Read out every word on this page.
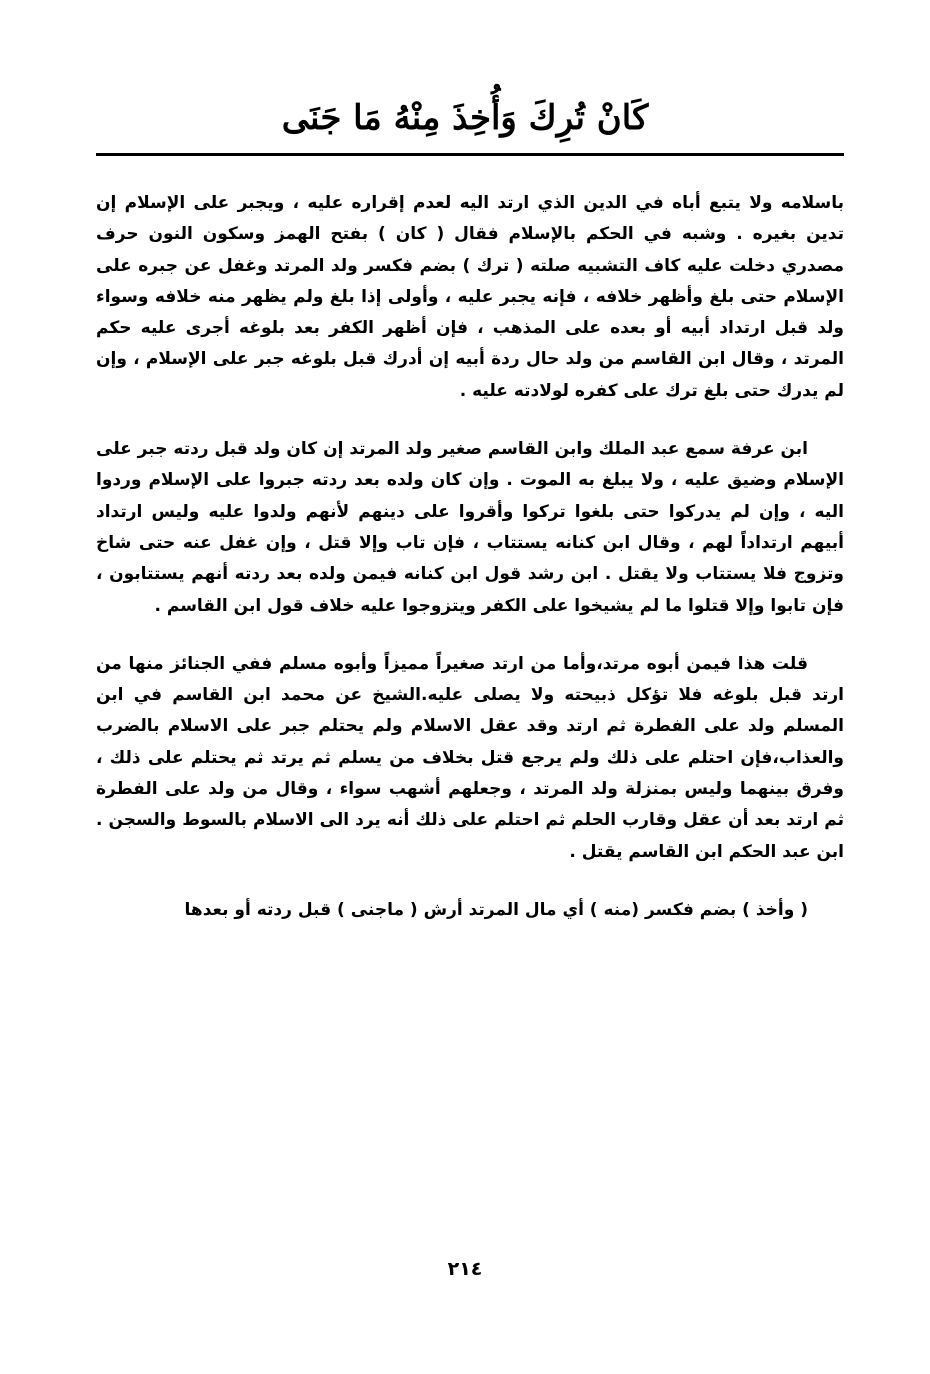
كَانْ تُرِكَ وَأُخِذَ مِنْهُ مَا جَنَى

باسلامه ولا يتبع أباه في الدين الذي ارتد اليه لعدم إقراره عليه ، ويجبر على الإسلام إن تدين بغيره . وشبه في الحكم بالإسلام فقال ( كان ) بفتح الهمز وسكون النون حرف مصدري دخلت عليه كاف التشبيه صلته ( ترك ) بضم فكسر ولد المرتد وغفل عن جبره على الإسلام حتى بلغ وأظهر خلافه ، فإنه يجبر عليه ، وأولى إذا بلغ ولم يظهر منه خلافه وسواء ولد قبل ارتداد أبيه أو بعده على المذهب ، فإن أظهر الكفر بعد بلوغه أجرى عليه حكم المرتد ، وقال ابن القاسم من ولد حال ردة أبيه إن أدرك قبل بلوغه جبر على الإسلام ، وإن لم يدرك حتى بلغ ترك على كفره لولادته عليه .

ابن عرفة سمع عبد الملك وابن القاسم صغير ولد المرتد إن كان ولد قبل ردته جبر على الإسلام وضيق عليه ، ولا يبلغ به الموت . وإن كان ولده بعد ردته جبروا على الإسلام وردوا اليه ، وإن لم يدركوا حتى بلغوا تركوا وأقروا على دينهم لأنهم ولدوا عليه وليس ارتداد أبيهم ارتداداً لهم ، وقال ابن كنانه يستتاب ، فإن تاب وإلا قتل ، وإن غفل عنه حتى شاخ وتزوج فلا يستتاب ولا يقتل . ابن رشد قول ابن كنانه فيمن ولده بعد ردته أنهم يستتابون ، فإن تابوا وإلا قتلوا ما لم يشيخوا على الكفر ويتزوجوا عليه خلاف قول ابن القاسم .

قلت هذا فيمن أبوه مرتد،وأما من ارتد صغيراً مميزاً وأبوه مسلم ففي الجنائز منها من ارتد قبل بلوغه فلا تؤكل ذبيحته ولا يصلى عليه.الشيخ عن محمد ابن القاسم في ابن المسلم ولد على الفطرة ثم ارتد وقد عقل الاسلام ولم يحتلم جبر على الاسلام بالضرب والعذاب،فإن احتلم على ذلك ولم يرجع قتل بخلاف من يسلم ثم يرتد ثم يحتلم على ذلك ، وفرق بينهما وليس بمنزلة ولد المرتد ، وجعلهم أشهب سواء ، وقال من ولد على الفطرة ثم ارتد بعد أن عقل وقارب الحلم ثم احتلم على ذلك أنه يرد الى الاسلام بالسوط والسجن . ابن عبد الحكم ابن القاسم يقتل .

( وأخذ ) بضم فكسر (منه ) أي مال المرتد أرش ( ماجنى ) قبل ردته أو بعدها

٢١٤
